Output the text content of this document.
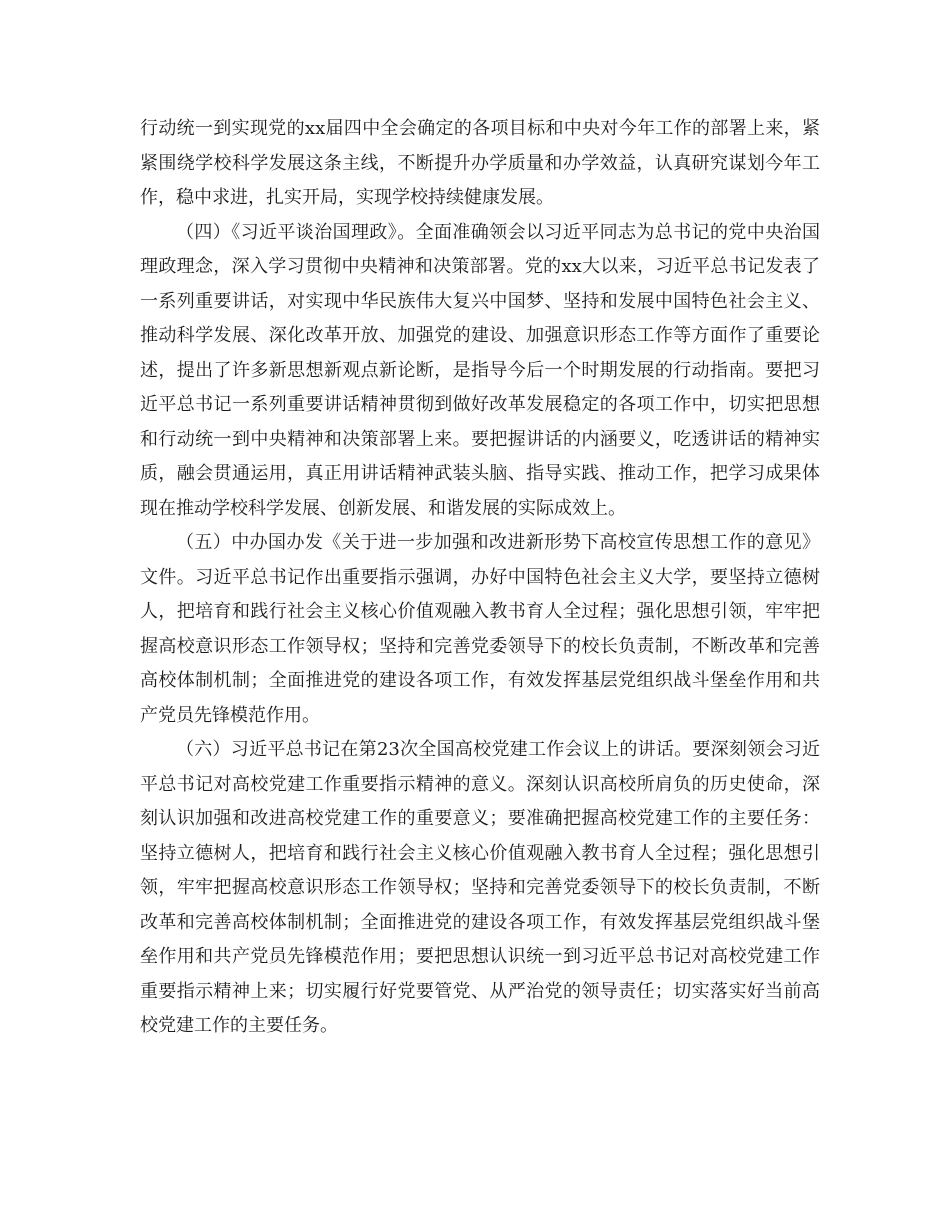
行动统一到实现党的xx届四中全会确定的各项目标和中央对今年工作的部署上来，紧紧围绕学校科学发展这条主线，不断提升办学质量和办学效益，认真研究谋划今年工作，稳中求进，扎实开局，实现学校持续健康发展。

（四）《习近平谈治国理政》。全面准确领会以习近平同志为总书记的党中央治国理政理念，深入学习贯彻中央精神和决策部署。党的xx大以来，习近平总书记发表了一系列重要讲话，对实现中华民族伟大复兴中国梦、坚持和发展中国特色社会主义、推动科学发展、深化改革开放、加强党的建设、加强意识形态工作等方面作了重要论述，提出了许多新思想新观点新论断，是指导今后一个时期发展的行动指南。要把习近平总书记一系列重要讲话精神贯彻到做好改革发展稳定的各项工作中，切实把思想和行动统一到中央精神和决策部署上来。要把握讲话的内涵要义，吃透讲话的精神实质，融会贯通运用，真正用讲话精神武装头脑、指导实践、推动工作，把学习成果体现在推动学校科学发展、创新发展、和谐发展的实际成效上。

（五）中办国办发《关于进一步加强和改进新形势下高校宣传思想工作的意见》文件。习近平总书记作出重要指示强调，办好中国特色社会主义大学，要坚持立德树人，把培育和践行社会主义核心价值观融入教书育人全过程；强化思想引领，牢牢把握高校意识形态工作领导权；坚持和完善党委领导下的校长负责制，不断改革和完善高校体制机制；全面推进党的建设各项工作，有效发挥基层党组织战斗堡垒作用和共产党员先锋模范作用。

（六）习近平总书记在第23次全国高校党建工作会议上的讲话。要深刻领会习近平总书记对高校党建工作重要指示精神的意义。深刻认识高校所肩负的历史使命，深刻认识加强和改进高校党建工作的重要意义；要准确把握高校党建工作的主要任务：坚持立德树人，把培育和践行社会主义核心价值观融入教书育人全过程；强化思想引领，牢牢把握高校意识形态工作领导权；坚持和完善党委领导下的校长负责制，不断改革和完善高校体制机制；全面推进党的建设各项工作，有效发挥基层党组织战斗堡垒作用和共产党员先锋模范作用；要把思想认识统一到习近平总书记对高校党建工作重要指示精神上来；切实履行好党要管党、从严治党的领导责任；切实落实好当前高校党建工作的主要任务。
